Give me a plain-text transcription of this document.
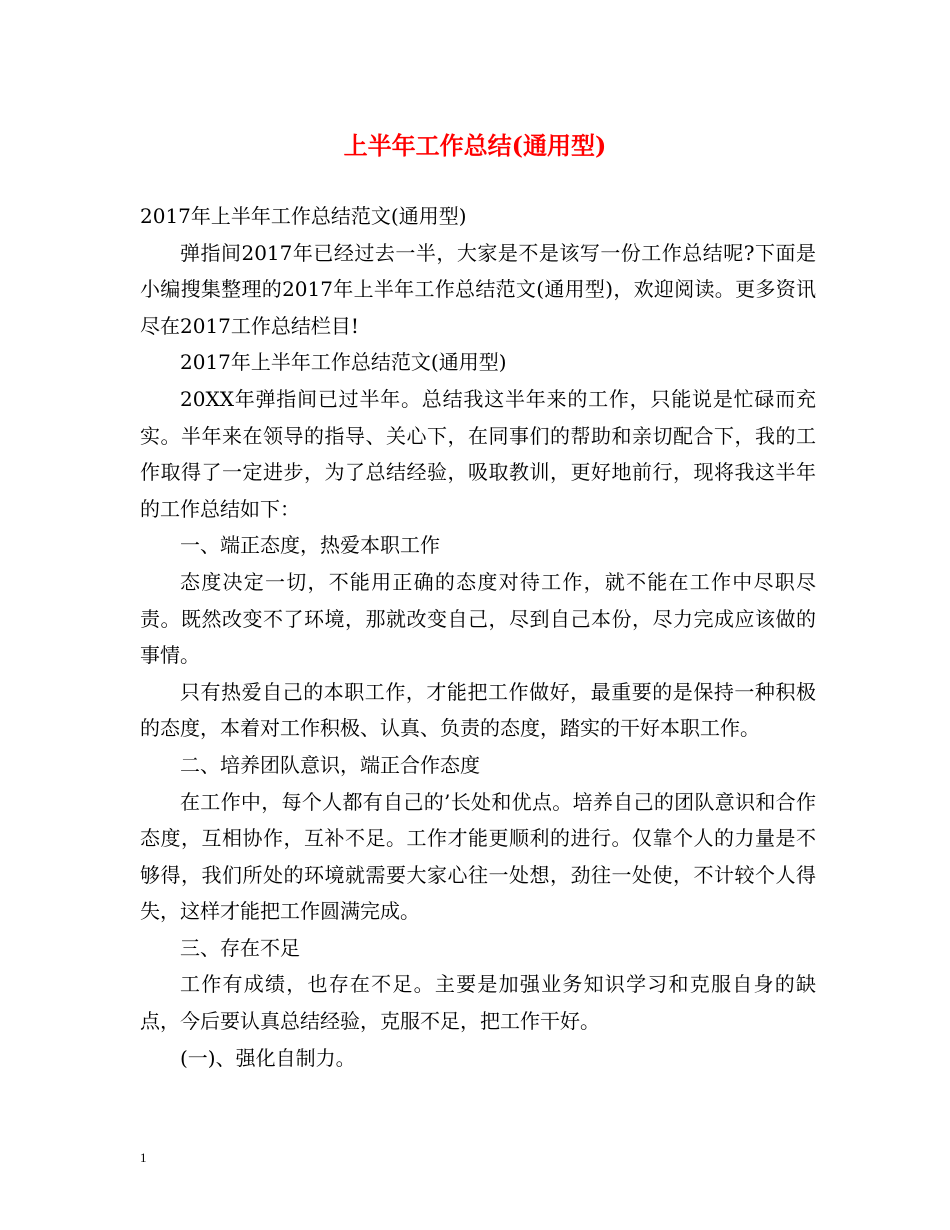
上半年工作总结(通用型)

2017年上半年工作总结范文(通用型)

弹指间2017年已经过去一半，大家是不是该写一份工作总结呢?下面是小编搜集整理的2017年上半年工作总结范文(通用型)，欢迎阅读。更多资讯尽在2017工作总结栏目!

2017年上半年工作总结范文(通用型)

20XX年弹指间已过半年。总结我这半年来的工作，只能说是忙碌而充实。半年来在领导的指导、关心下，在同事们的帮助和亲切配合下，我的工作取得了一定进步，为了总结经验，吸取教训，更好地前行，现将我这半年的工作总结如下：

一、端正态度，热爱本职工作

态度决定一切，不能用正确的态度对待工作，就不能在工作中尽职尽责。既然改变不了环境，那就改变自己，尽到自己本份，尽力完成应该做的事情。

只有热爱自己的本职工作，才能把工作做好，最重要的是保持一种积极的态度，本着对工作积极、认真、负责的态度，踏实的干好本职工作。

二、培养团队意识，端正合作态度

在工作中，每个人都有自己的’长处和优点。培养自己的团队意识和合作态度，互相协作，互补不足。工作才能更顺利的进行。仅靠个人的力量是不够得，我们所处的环境就需要大家心往一处想，劲往一处使，不计较个人得失，这样才能把工作圆满完成。

三、存在不足

工作有成绩，也存在不足。主要是加强业务知识学习和克服自身的缺点，今后要认真总结经验，克服不足，把工作干好。

(一)、强化自制力。

1
